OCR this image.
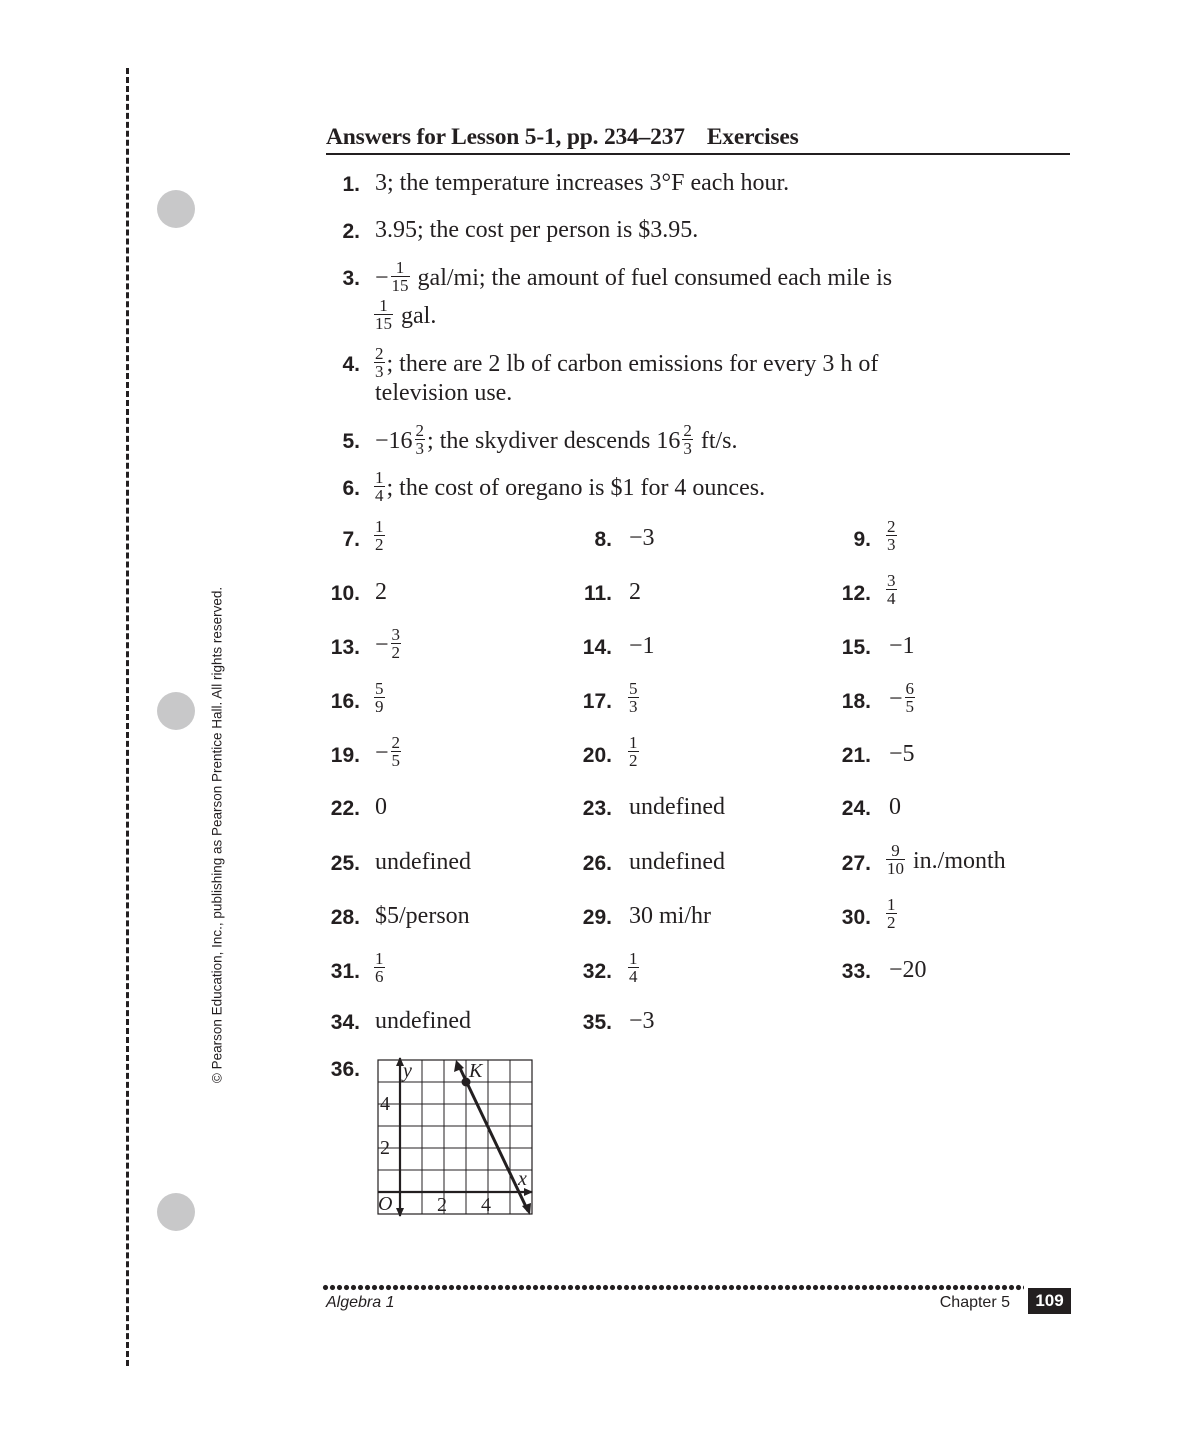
© Pearson Education, Inc., publishing as Pearson Prentice Hall. All rights reserved.
Answers for Lesson 5-1, pp. 234–237 Exercises
1. 3; the temperature increases 3°F each hour.
2. 3.95; the cost per person is $3.95.
3. − $\frac{1}{15} gal/mi$; the amount of fuel consumed each mile is
$\frac{1}{15}$ gal.
4. $\frac{2}{3}$ ; there are 2 lb of carbon emissions for every 3 h of
television use.
5. $-16 \frac{2}{3}$ ; the skydiver descends $16 \frac{2}{3} ft/s$.
6. $\frac{1}{4}$ ; the cost of oregano is $1 for 4 ounces.
7. $\frac{1}{2}$	8. −3	9. $\frac{2}{3}$
10. 2	11. 2	12. $\frac{3}{4}$
13. − $\frac{3}{2}$	14. −1	15. −1
16. $\frac{5}{9}$	17. $\frac{5}{3}$	18. − $\frac{6}{5}$
19. − $\frac{2}{5}$	20. $\frac{1}{2}$	21. −5
22. 0	23. undefined	24. 0
25. undefined	26. undefined	27. $\frac{9}{10}$ in./month
28. $5/person	29. 30 mi/hr	30. $\frac{1}{2}$
31. $\frac{1}{6}$	32. $\frac{1}{4}$	33. −20
34. undefined	35. −3
36. y	K
x
4
2
O 2 4
Algebra 1	Chapter 5	109
